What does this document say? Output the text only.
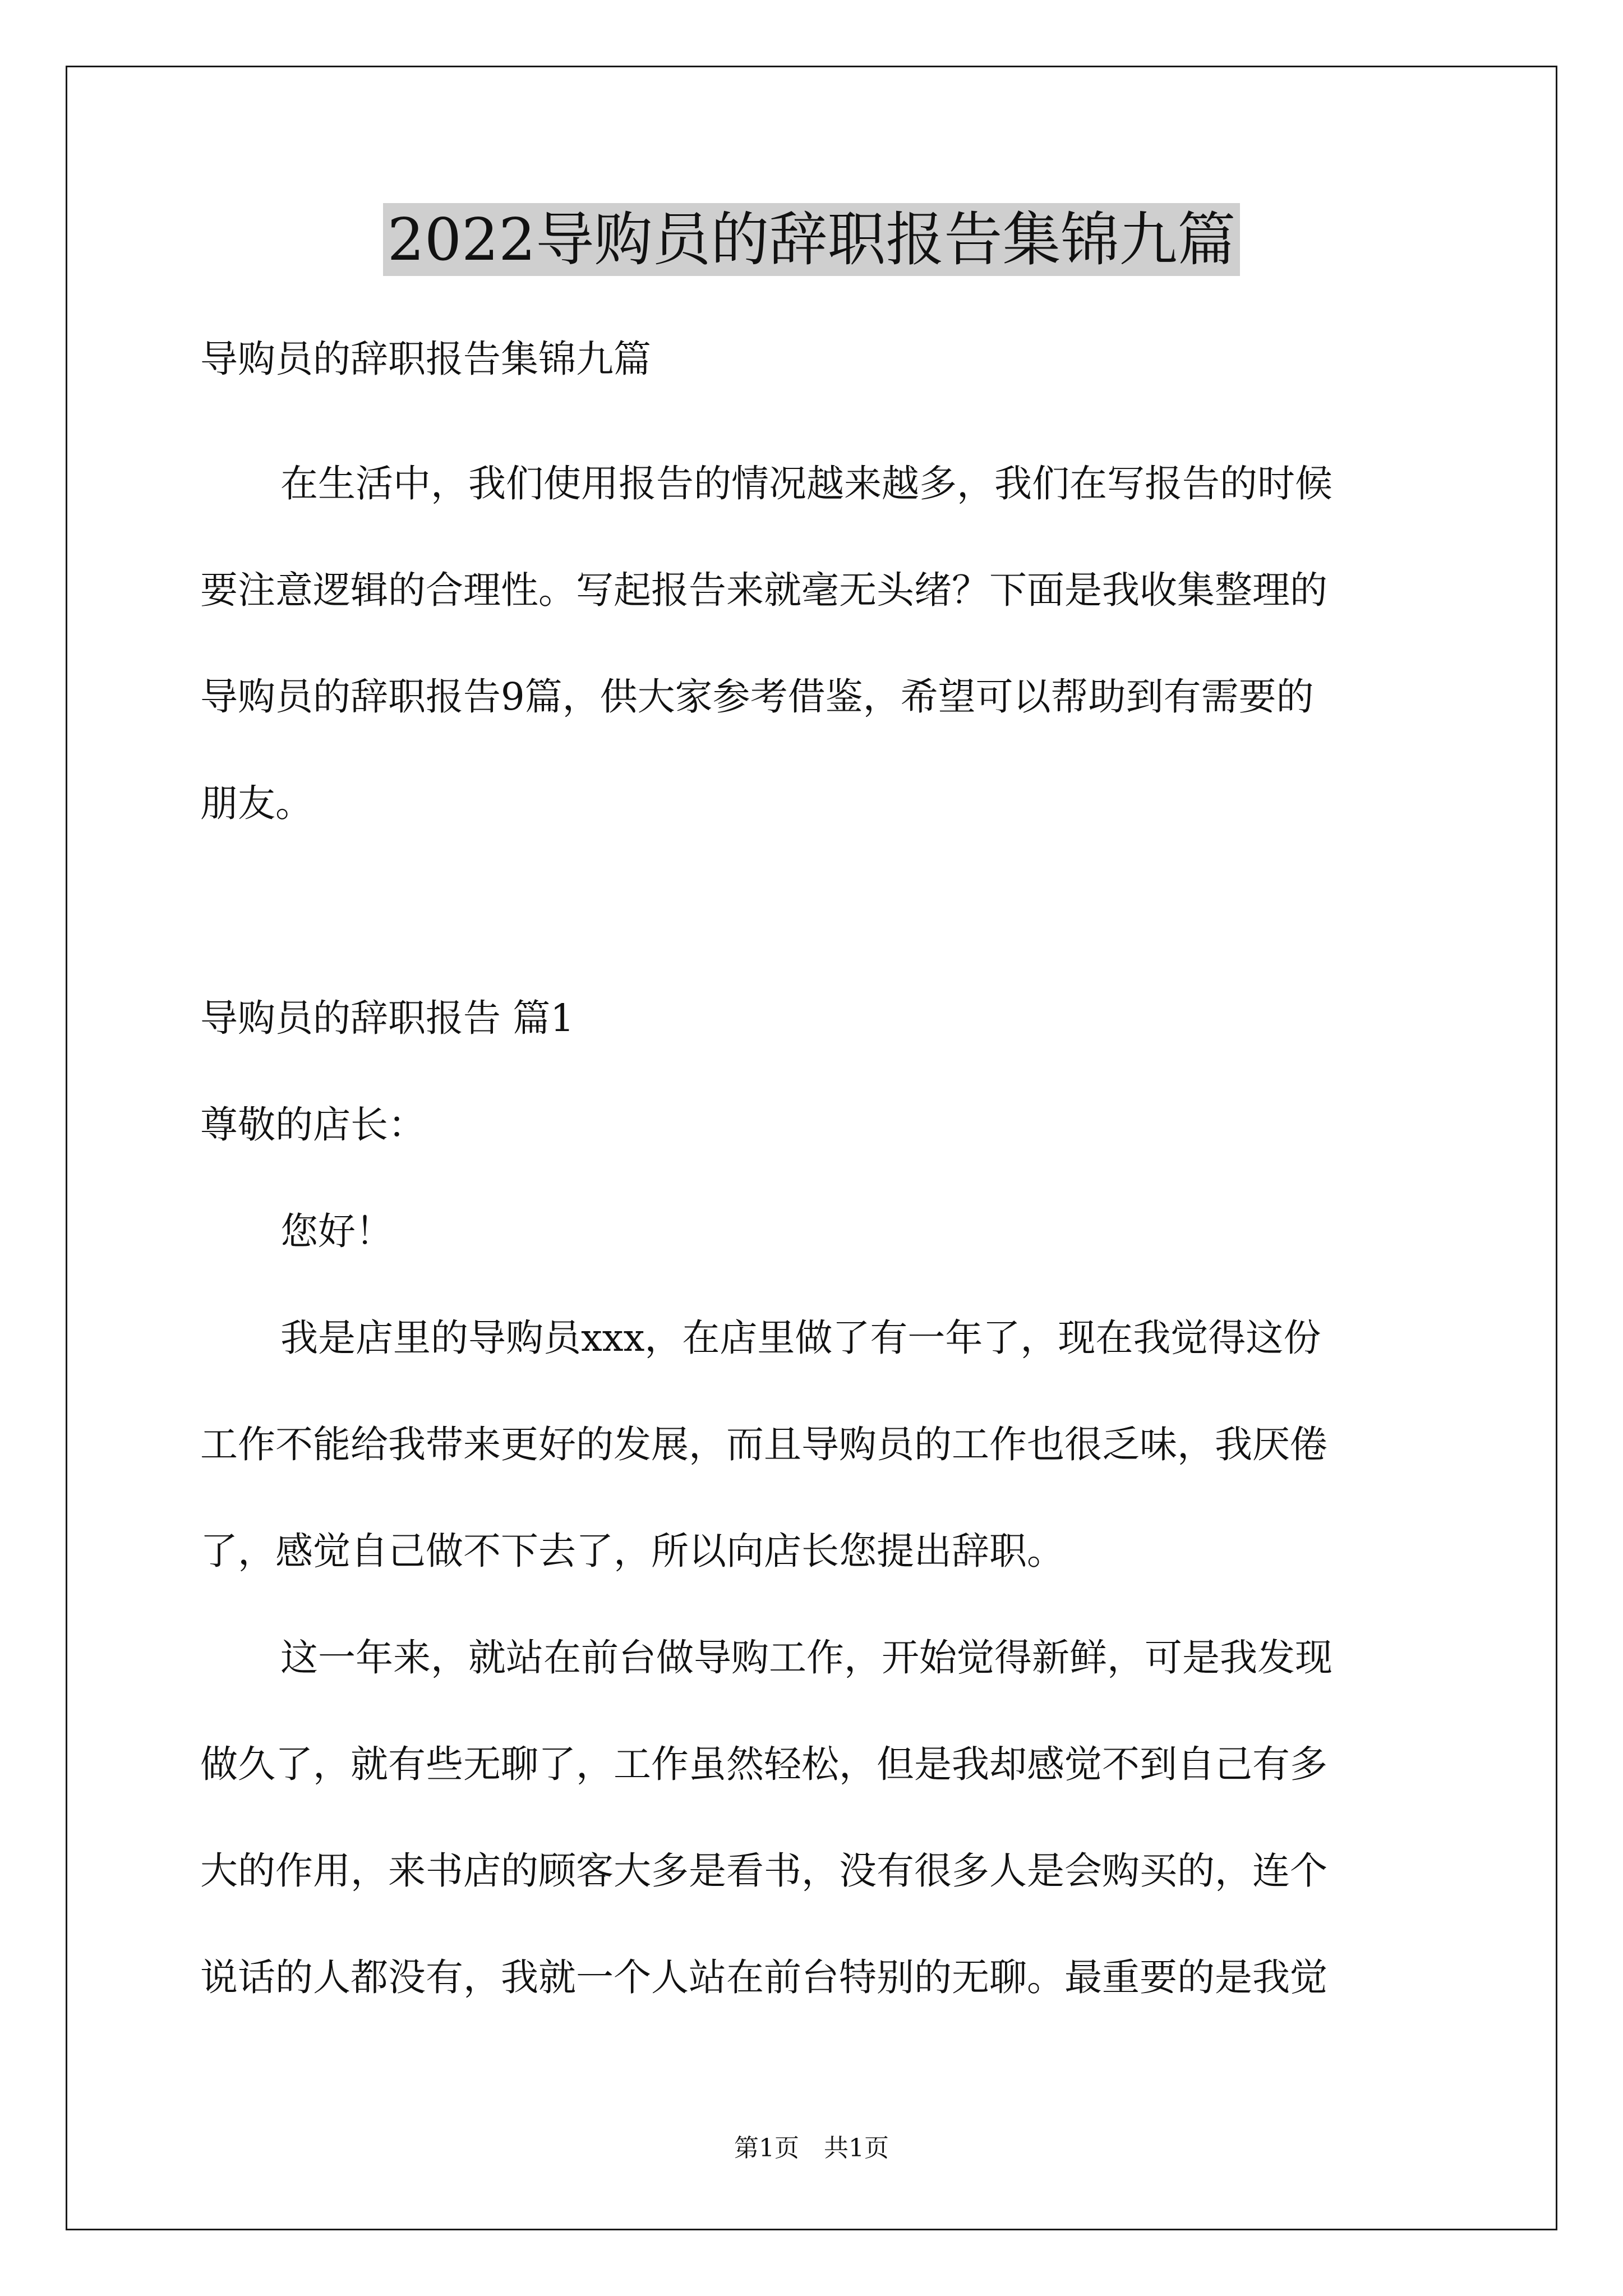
2022导购员的辞职报告集锦九篇
导购员的辞职报告集锦九篇
在生活中，我们使用报告的情况越来越多，我们在写报告的时候
要注意逻辑的合理性。写起报告来就毫无头绪？下面是我收集整理的
导购员的辞职报告9篇，供大家参考借鉴，希望可以帮助到有需要的
朋友。
导购员的辞职报告 篇1
尊敬的店长：
您好！
我是店里的导购员xxx，在店里做了有一年了，现在我觉得这份
工作不能给我带来更好的发展，而且导购员的工作也很乏味，我厌倦
了，感觉自己做不下去了，所以向店长您提出辞职。
这一年来，就站在前台做导购工作，开始觉得新鲜，可是我发现
做久了，就有些无聊了，工作虽然轻松，但是我却感觉不到自己有多
大的作用，来书店的顾客大多是看书，没有很多人是会购买的，连个
说话的人都没有，我就一个人站在前台特别的无聊。最重要的是我觉
第1页　共1页
